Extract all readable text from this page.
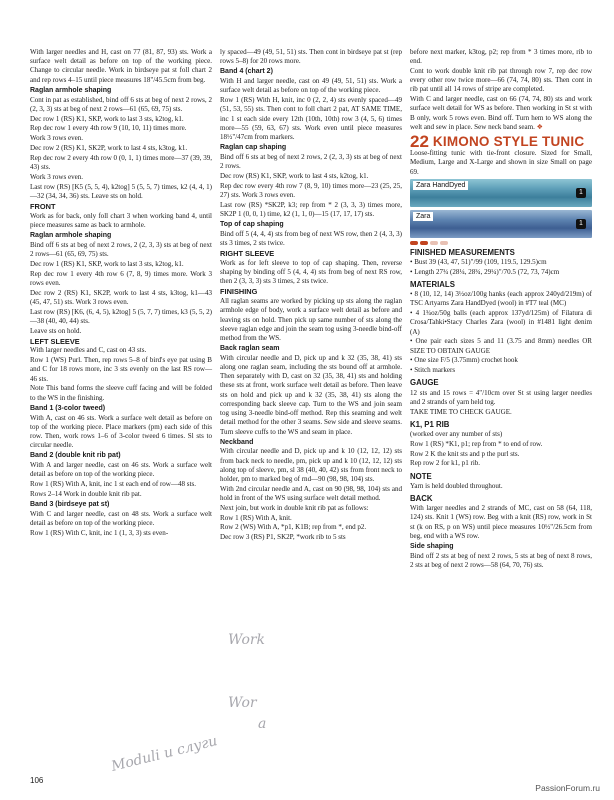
With larger needles and H, cast on 77 (81, 87, 93) sts. Work a surface welt detail as before on top of the working piece. Change to circular needle. Work in birdseye pat st foll chart 2 and rep rows 4–15 until piece measures 18"/45.5cm from beg.

Raglan armhole shaping

Cont in pat as established, bind off 6 sts at beg of next 2 rows, 2 (2, 3, 3) sts at beg of next 2 rows—61 (65, 69, 75) sts.

Dec row 1 (RS) K1, SKP, work to last 3 sts, k2tog, k1.

Rep dec row 1 every 4th row 9 (10, 10, 11) times more.

Work 3 rows even.

Dec row 2 (RS) K1, SK2P, work to last 4 sts, k3tog, k1.

Rep dec row 2 every 4th row 0 (0, 1, 1) times more—37 (39, 39, 43) sts.

Work 3 rows even.

Last row (RS) [K5 (5, 5, 4), k2tog] 5 (5, 5, 7) times, k2 (4, 4, 1)—32 (34, 34, 36) sts. Leave sts on hold.

FRONT

Work as for back, only foll chart 3 when working band 4, until piece measures same as back to armhole.

Raglan armhole shaping

Bind off 6 sts at beg of next 2 rows, 2 (2, 3, 3) sts at beg of next 2 rows—61 (65, 69, 75) sts.

Dec row 1 (RS) K1, SKP, work to last 3 sts, k2tog, k1.

Rep dec row 1 every 4th row 6 (7, 8, 9) times more. Work 3 rows even.

Dec row 2 (RS) K1, SK2P, work to last 4 sts, k3tog, k1—43 (45, 47, 51) sts. Work 3 rows even.

Last row (RS) [K6, (6, 4, 5), k2tog] 5 (5, 7, 7) times, k3 (5, 5, 2)—38 (40, 40, 44) sts.

Leave sts on hold.

LEFT SLEEVE

With larger needles and C, cast on 43 sts.

Row 1 (WS) Purl. Then, rep rows 5–8 of bird's eye pat using B and C for 18 rows more, inc 3 sts evenly on the last RS row—46 sts.

Note This band forms the sleeve cuff facing and will be folded to the WS in the finishing.

Band 1 (3-color tweed)

With A, cast on 46 sts. Work a surface welt detail as before on top of the working piece. Place markers (pm) each side of this row. Then, work rows 1–6 of 3-color tweed 6 times. Sl sts to circular needle.

Band 2 (double knit rib pat)

With A and larger needle, cast on 46 sts. Work a surface welt detail as before on top of the working piece.

Row 1 (RS) With A, knit, inc 1 st each end of row—48 sts.

Rows 2–14 Work in double knit rib pat.

Band 3 (birdseye pat st)

With C and larger needle, cast on 48 sts. Work a surface welt detail as before on top of the working piece.

Row 1 (RS) With C, knit, inc 1 (1, 3, 3) sts even-

ly spaced—49 (49, 51, 51) sts. Then cont in birdseye pat st (rep rows 5–8) for 20 rows more.

Band 4 (chart 2)

With H and larger needle, cast on 49 (49, 51, 51) sts. Work a surface welt detail as before on top of the working piece.

Row 1 (RS) With H, knit, inc 0 (2, 2, 4) sts evenly spaced—49 (51, 53, 55) sts. Then cont to foll chart 2 pat, AT SAME TIME, inc 1 st each side every 12th (10th, 10th) row 3 (4, 5, 6) times more—55 (59, 63, 67) sts. Work even until piece measures 18½"/47cm from markers.

Raglan cap shaping

Bind off 6 sts at beg of next 2 rows, 2 (2, 3, 3) sts at beg of next 2 rows.

Dec row (RS) K1, SKP, work to last 4 sts, k2tog, k1.

Rep dec row every 4th row 7 (8, 9, 10) times more—23 (25, 25, 27) sts. Work 3 rows even.

Last row (RS) *SK2P, k3; rep from * 2 (3, 3, 3) times more, SK2P 1 (0, 0, 1) time, k2 (1, 1, 0)—15 (17, 17, 17) sts.

Top of cap shaping

Bind off 5 (4, 4, 4) sts from beg of next WS row, then 2 (4, 3, 3) sts 3 times, 2 sts twice.

RIGHT SLEEVE

Work as for left sleeve to top of cap shaping. Then, reverse shaping by binding off 5 (4, 4, 4) sts from beg of next RS row, then 2 (3, 3, 3) sts 3 times, 2 sts twice.

FINISHING

All raglan seams are worked by picking up sts along the raglan armhole edge of body, work a surface welt detail as before and leaving sts on hold. Then pick up same number of sts along the sleeve raglan edge and join the seam tog using 3-needle bind-off method from the WS.

Back raglan seam

With circular needle and D, pick up and k 32 (35, 38, 41) sts along one raglan seam, including the sts bound off at armhole. Then separately with D, cast on 32 (35, 38, 41) sts and holding these sts at front, work surface welt detail as before. Then leave sts on hold and pick up and k 32 (35, 38, 41) sts along the corresponding back sleeve cap. Turn to the WS and join seam tog using 3-needle bind-off method. Rep this seaming and welt detail method for the other 3 seams. Sew side and sleeve seams. Turn sleeve cuffs to the WS and seam in place.

Neckband

With circular needle and D, pick up and k 10 (12, 12, 12) sts from back neck to needle, pm, pick up and k 10 (12, 12, 12) sts along top of sleeve, pm, sl 38 (40, 40, 42) sts from front neck to holder, pm to marked beg of rnd—90 (98, 98, 104) sts.

With 2nd circular needle and A, cast on 90 (98, 98, 104) sts and hold in front of the WS using surface welt detail method.

Next join, but work in double knit rib pat as follows:

Row 1 (RS) With A, knit.

Row 2 (WS) With A, *p1, K1B; rep from *, end p2.

Dec row 3 (RS) P1, SK2P, *work rib to 5 sts

before next marker, k3tog, p2; rep from * 3 times more, rib to end.

Cont to work double knit rib pat through row 7, rep dec row every other row twice more—66 (74, 74, 80) sts. Then cont in rib pat until all 14 rows of stripe are completed.

With C and larger needle, cast on 66 (74, 74, 80) sts and work surface welt detail for WS as before. Then working in St st with B only, work 5 rows even. Bind off. Turn hem to WS along the welt and sew in place. Sew neck band seam. ❖

22 KIMONO STYLE TUNIC

Loose-fitting tunic with tie-front closure. Sized for Small, Medium, Large and X-Large and shown in size Small on page 69.

Zara HandDyed
1
Zara
1
FINISHED MEASUREMENTS

• Bust 39 (43, 47, 51)"/99 (109, 119.5, 129.5)cm

• Length 27¾ (28¼, 28¾, 29¼)"/70.5 (72, 73, 74)cm

MATERIALS

• 8 (10, 12, 14) 3½oz/100g hanks (each approx 240yd/219m) of TSC Artyarns Zara HandDyed (wool) in #T7 teal (MC)

• 4 1¾oz/50g balls (each approx 137yd/125m) of Filatura di Crosa/Tahki•Stacy Charles Zara (wool) in #1481 light denim (A)

• One pair each sizes 5 and 11 (3.75 and 8mm) needles OR SIZE TO OBTAIN GAUGE

• One size F/5 (3.75mm) crochet hook

• Stitch markers

GAUGE

12 sts and 15 rows = 4"/10cm over St st using larger needles and 2 strands of yarn held tog.

TAKE TIME TO CHECK GAUGE.

K1, P1 RIB

(worked over any number of sts)

Row 1 (RS) *K1, p1; rep from * to end of row.

Row 2 K the knit sts and p the purl sts.

Rep row 2 for k1, p1 rib.

NOTE

Yarn is held doubled throughout.

BACK

With larger needles and 2 strands of MC, cast on 58 (64, 118, 124) sts. Knit 1 (WS) row. Beg with a knit (RS) row, work in St st (k on RS, p on WS) until piece measures 10½"/26.5cm from beg, end with a WS row.

Side shaping

Bind off 2 sts at beg of next 2 rows, 5 sts at beg of next 8 rows, 2 sts at beg of next 2 rows—58 (64, 70, 76) sts.

Work
Wor
а
Moduli и слуги
106
PassionForum.ru
